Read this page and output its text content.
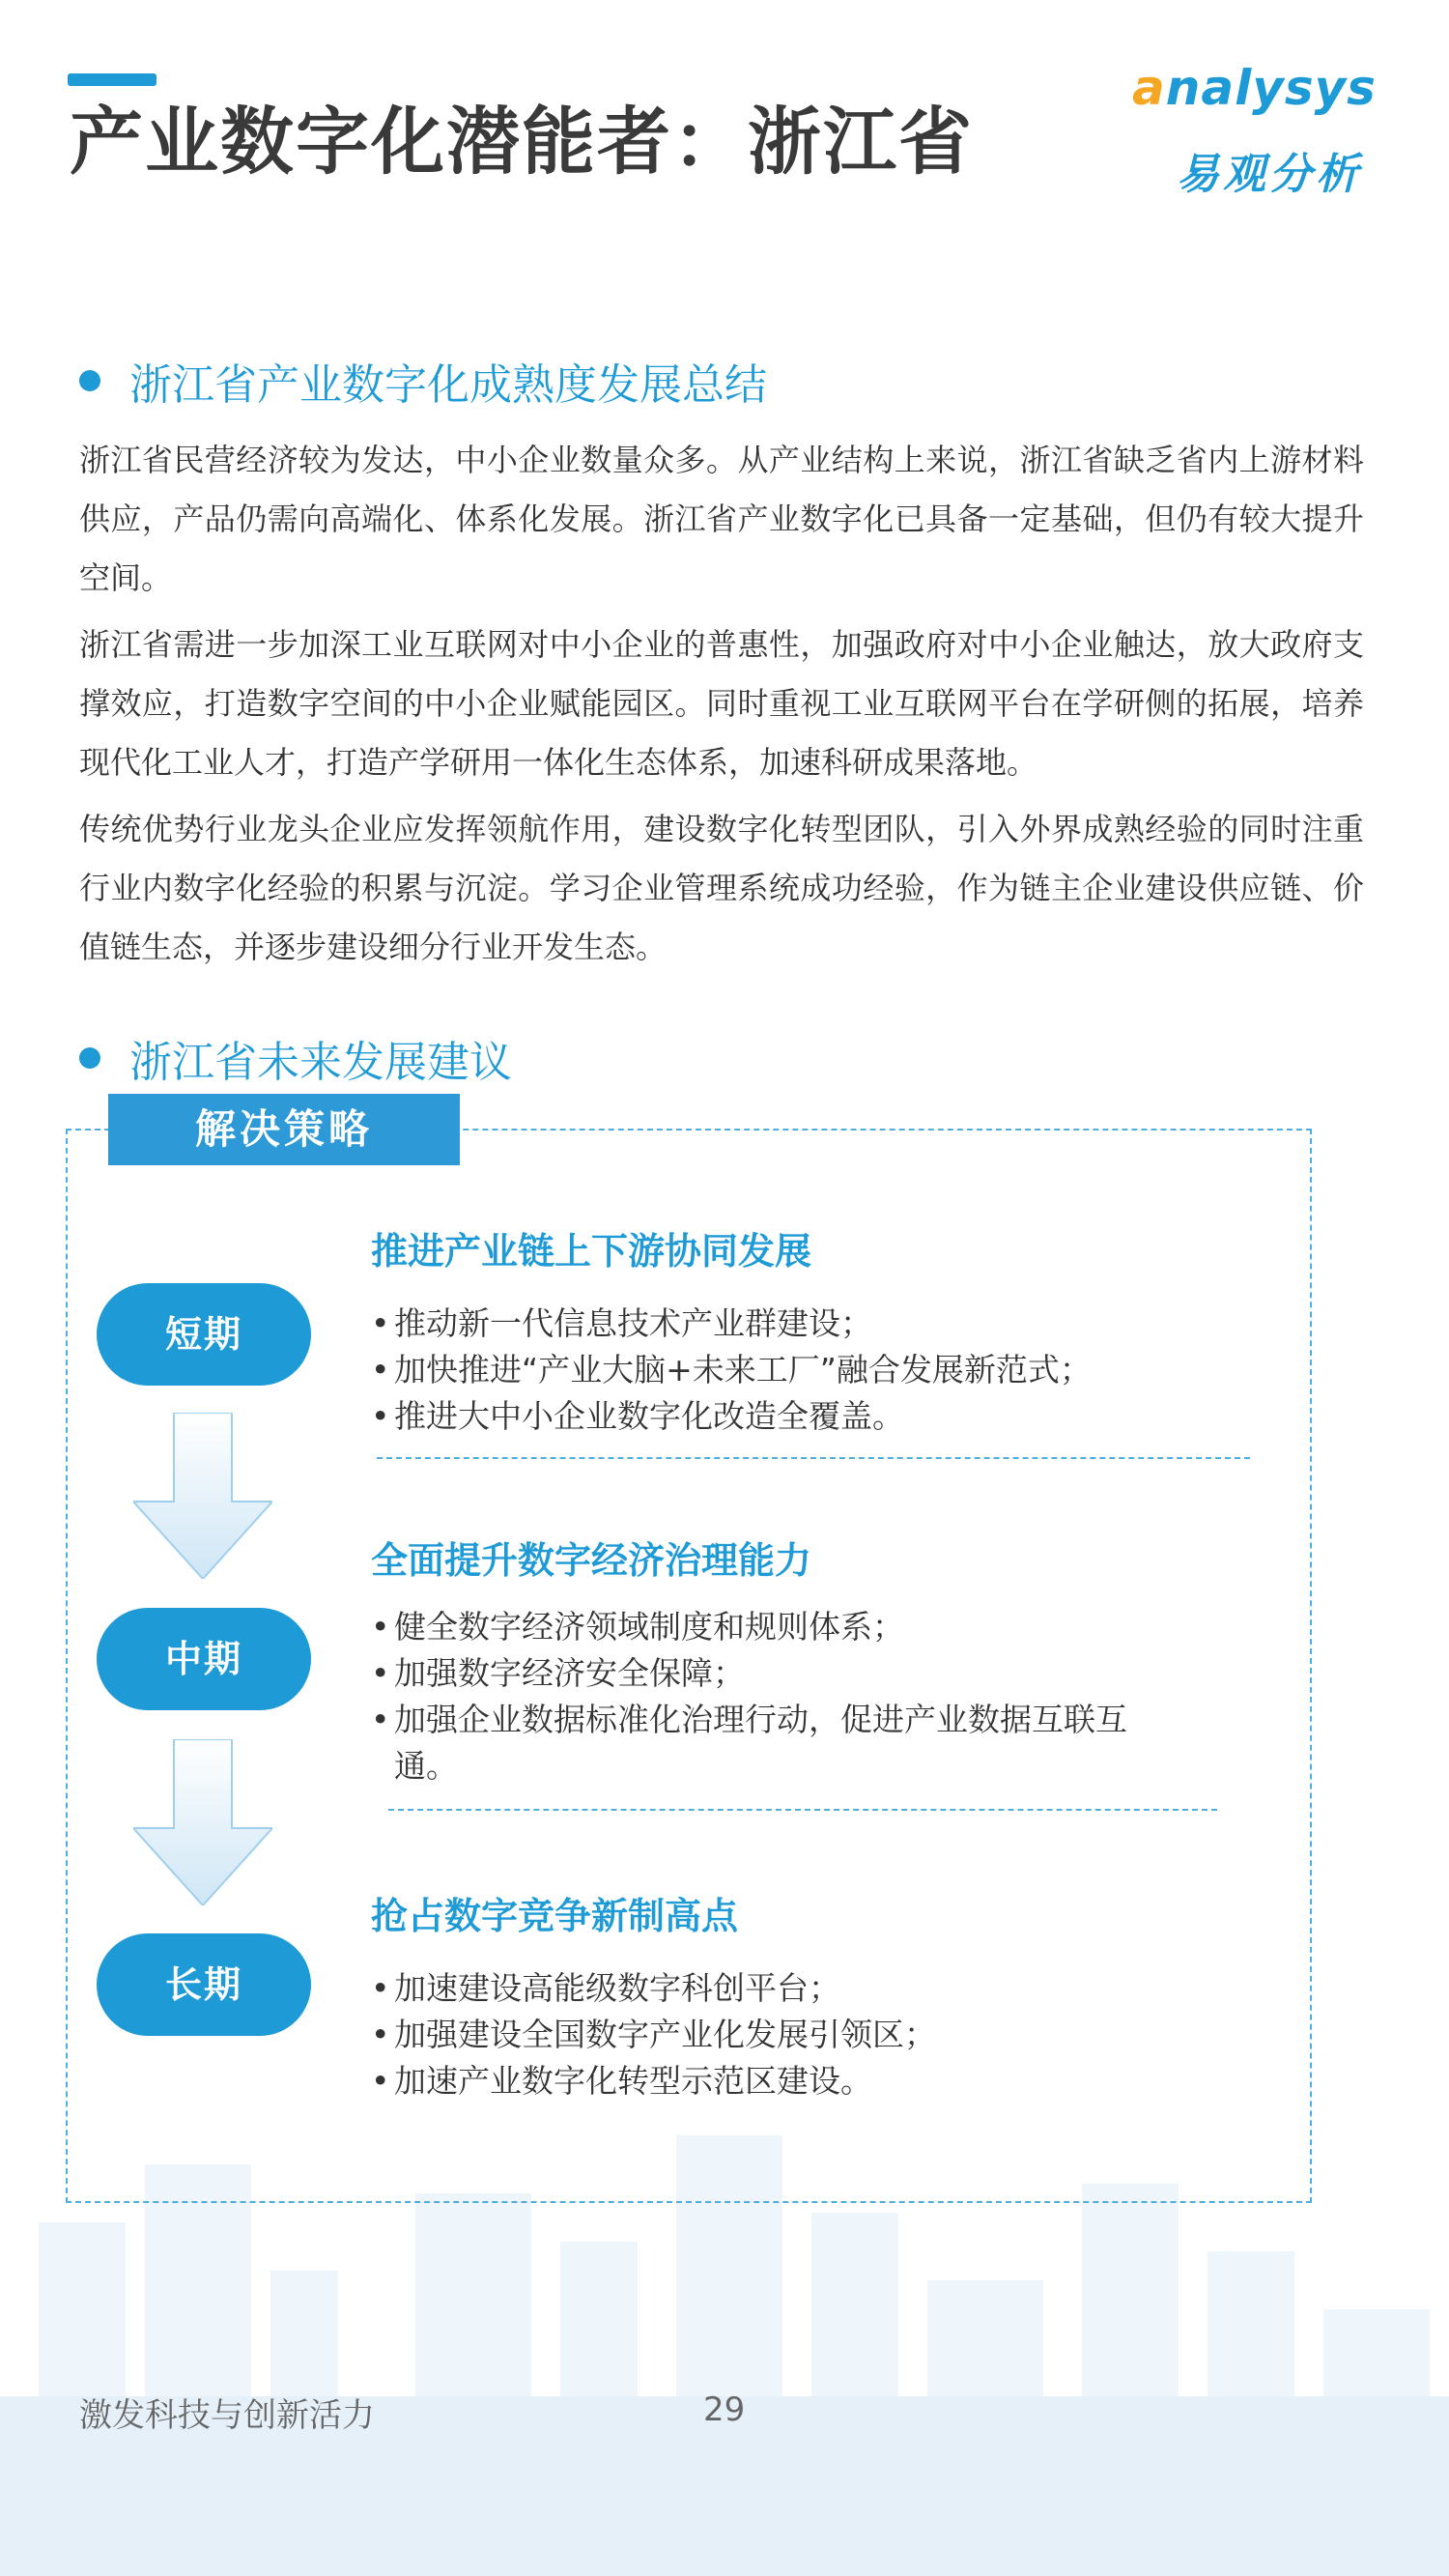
产业数字化潜能者：浙江省
analysys
易观分析
浙江省产业数字化成熟度发展总结

浙江省民营经济较为发达，中小企业数量众多。从产业结构上来说，浙江省缺乏省内上游材料供应，产品仍需向高端化、体系化发展。浙江省产业数字化已具备一定基础，但仍有较大提升空间。

浙江省需进一步加深工业互联网对中小企业的普惠性，加强政府对中小企业触达，放大政府支撑效应，打造数字空间的中小企业赋能园区。同时重视工业互联网平台在学研侧的拓展，培养现代化工业人才，打造产学研用一体化生态体系，加速科研成果落地。

传统优势行业龙头企业应发挥领航作用，建设数字化转型团队，引入外界成熟经验的同时注重行业内数字化经验的积累与沉淀。学习企业管理系统成功经验，作为链主企业建设供应链、价值链生态，并逐步建设细分行业开发生态。

浙江省未来发展建议
解决策略
短期
中期
长期
推进产业链上下游协同发展
• 推动新一代信息技术产业群建设；
• 加快推进“产业大脑+未来工厂”融合发展新范式；
• 推进大中小企业数字化改造全覆盖。
全面提升数字经济治理能力
• 健全数字经济领域制度和规则体系；
• 加强数字经济安全保障；
• 加强企业数据标准化治理行动，促进产业数据互联互通。
抢占数字竞争新制高点
• 加速建设高能级数字科创平台；
• 加强建设全国数字产业化发展引领区；
• 加速产业数字化转型示范区建设。
激发科技与创新活力	29
